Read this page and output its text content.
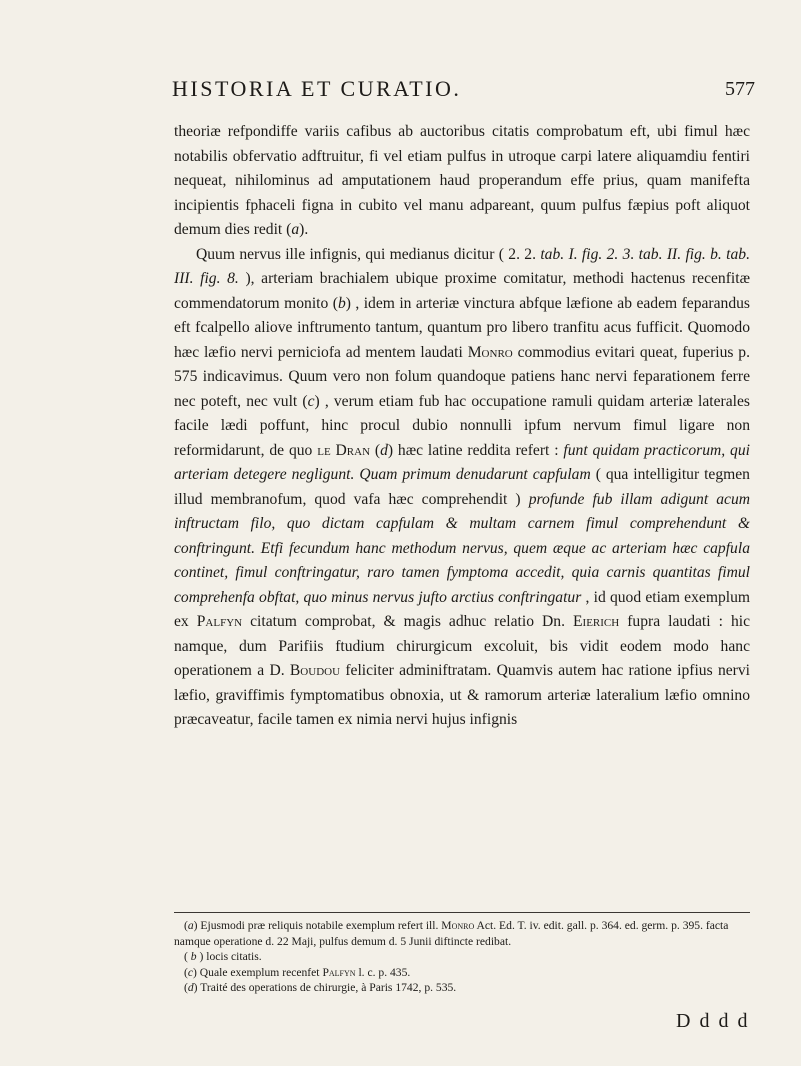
HISTORIA ET CURATIO.	577

theoriæ refpondiffe variis cafibus ab auctoribus citatis comprobatum eft, ubi fimul hæc notabilis obfervatio adftruitur, fi vel etiam pulfus in utroque carpi latere aliquamdiu fentiri nequeat, nihilominus ad amputationem haud properandum effe prius, quam manifefta incipientis fphaceli figna in cubito vel manu adpareant, quum pulfus fæpius poft aliquot demum dies redit (a).

Quum nervus ille infignis, qui medianus dicitur ( 2. 2. tab. I. fig. 2. 3. tab. II. fig. b. tab. III. fig. 8. ), arteriam brachialem ubique proxime comitatur, methodi hactenus recenfitæ commendatorum monito (b) , idem in arteriæ vinctura abfque læfione ab eadem feparandus eft fcalpello aliove inftrumento tantum, quantum pro libero tranfitu acus fufficit. Quomodo hæc læfio nervi perniciofa ad mentem laudati Monro commodius evitari queat, fuperius p. 575 indicavimus. Quum vero non folum quandoque patiens hanc nervi feparationem ferre nec poteft, nec vult (c) , verum etiam fub hac occupatione ramuli quidam arteriæ laterales facile lædi poffunt, hinc procul dubio nonnulli ipfum nervum fimul ligare non reformidarunt, de quo le Dran (d) hæc latine reddita refert : funt quidam practicorum, qui arteriam detegere negligunt. Quam primum denudarunt capfulam ( qua intelligitur tegmen illud membranofum, quod vafa hæc comprehendit ) profunde fub illam adigunt acum inftructam filo, quo dictam capfulam & multam carnem fimul comprehendunt & conftringunt. Etfi fecundum hanc methodum nervus, quem æque ac arteriam hæc capfula continet, fimul conftringatur, raro tamen fymptoma accedit, quia carnis quantitas fimul comprehenfa obftat, quo minus nervus jufto arctius conftringatur , id quod etiam exemplum ex Palfyn citatum comprobat, & magis adhuc relatio Dn. Eierich fupra laudati : hic namque, dum Parifiis ftudium chirurgicum excoluit, bis vidit eodem modo hanc operationem a D. Boudou feliciter adminiftratam. Quamvis autem hac ratione ipfius nervi læfio, graviffimis fymptomatibus obnoxia, ut & ramorum arteriæ lateralium læfio omnino præcaveatur, facile tamen ex nimia nervi hujus infignis

(a) Ejusmodi præ reliquis notabile exemplum refert ill. Monro Act. Ed. T. iv. edit. gall. p. 364. ed. germ. p. 395. facta namque operatione d. 22 Maji, pulfus demum d. 5 Junii diftincte redibat.

( b ) locis citatis.

(c) Quale exemplum recenfet Palfyn l. c. p. 435.

(d) Traité des operations de chirurgie, à Paris 1742, p. 535.

D d d d
